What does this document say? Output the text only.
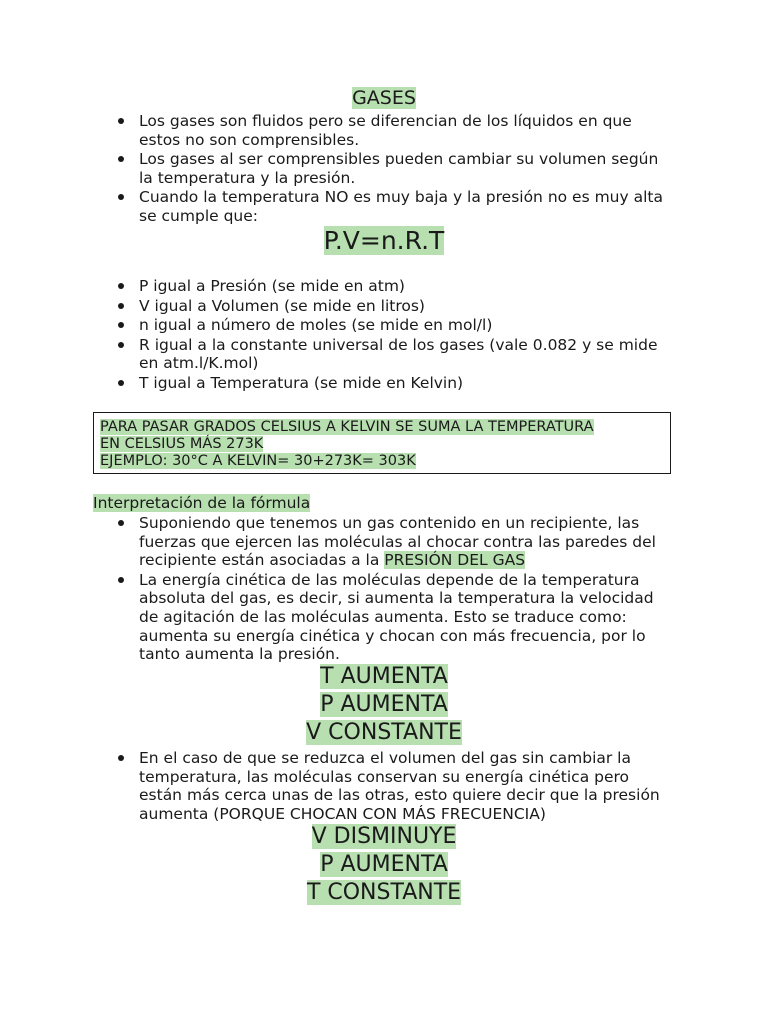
GASES
Los gases son fluidos pero se diferencian de los líquidos en que estos no son comprensibles.
Los gases al ser comprensibles pueden cambiar su volumen según la temperatura y la presión.
Cuando la temperatura NO es muy baja y la presión no es muy alta se cumple que:
P.V=n.R.T
P igual a Presión (se mide en atm)
V igual a Volumen (se mide en litros)
n igual a número de moles (se mide en mol/l)
R igual a la constante universal de los gases (vale 0.082 y se mide en atm.l/K.mol)
T igual a Temperatura (se mide en Kelvin)
PARA PASAR GRADOS CELSIUS A KELVIN SE SUMA LA TEMPERATURA
EN CELSIUS MÁS 273K
EJEMPLO: 30°C A KELVIN= 30+273K= 303K
Interpretación de la fórmula
Suponiendo que tenemos un gas contenido en un recipiente, las fuerzas que ejercen las moléculas al chocar contra las paredes del recipiente están asociadas a la PRESIÓN DEL GAS
La energía cinética de las moléculas depende de la temperatura absoluta del gas, es decir, si aumenta la temperatura la velocidad de agitación de las moléculas aumenta. Esto se traduce como: aumenta su energía cinética y chocan con más frecuencia, por lo tanto aumenta la presión.
T AUMENTA
P AUMENTA
V CONSTANTE
En el caso de que se reduzca el volumen del gas sin cambiar la temperatura, las moléculas conservan su energía cinética pero están más cerca unas de las otras, esto quiere decir que la presión aumenta (PORQUE CHOCAN CON MÁS FRECUENCIA)
V DISMINUYE
P AUMENTA
T CONSTANTE
